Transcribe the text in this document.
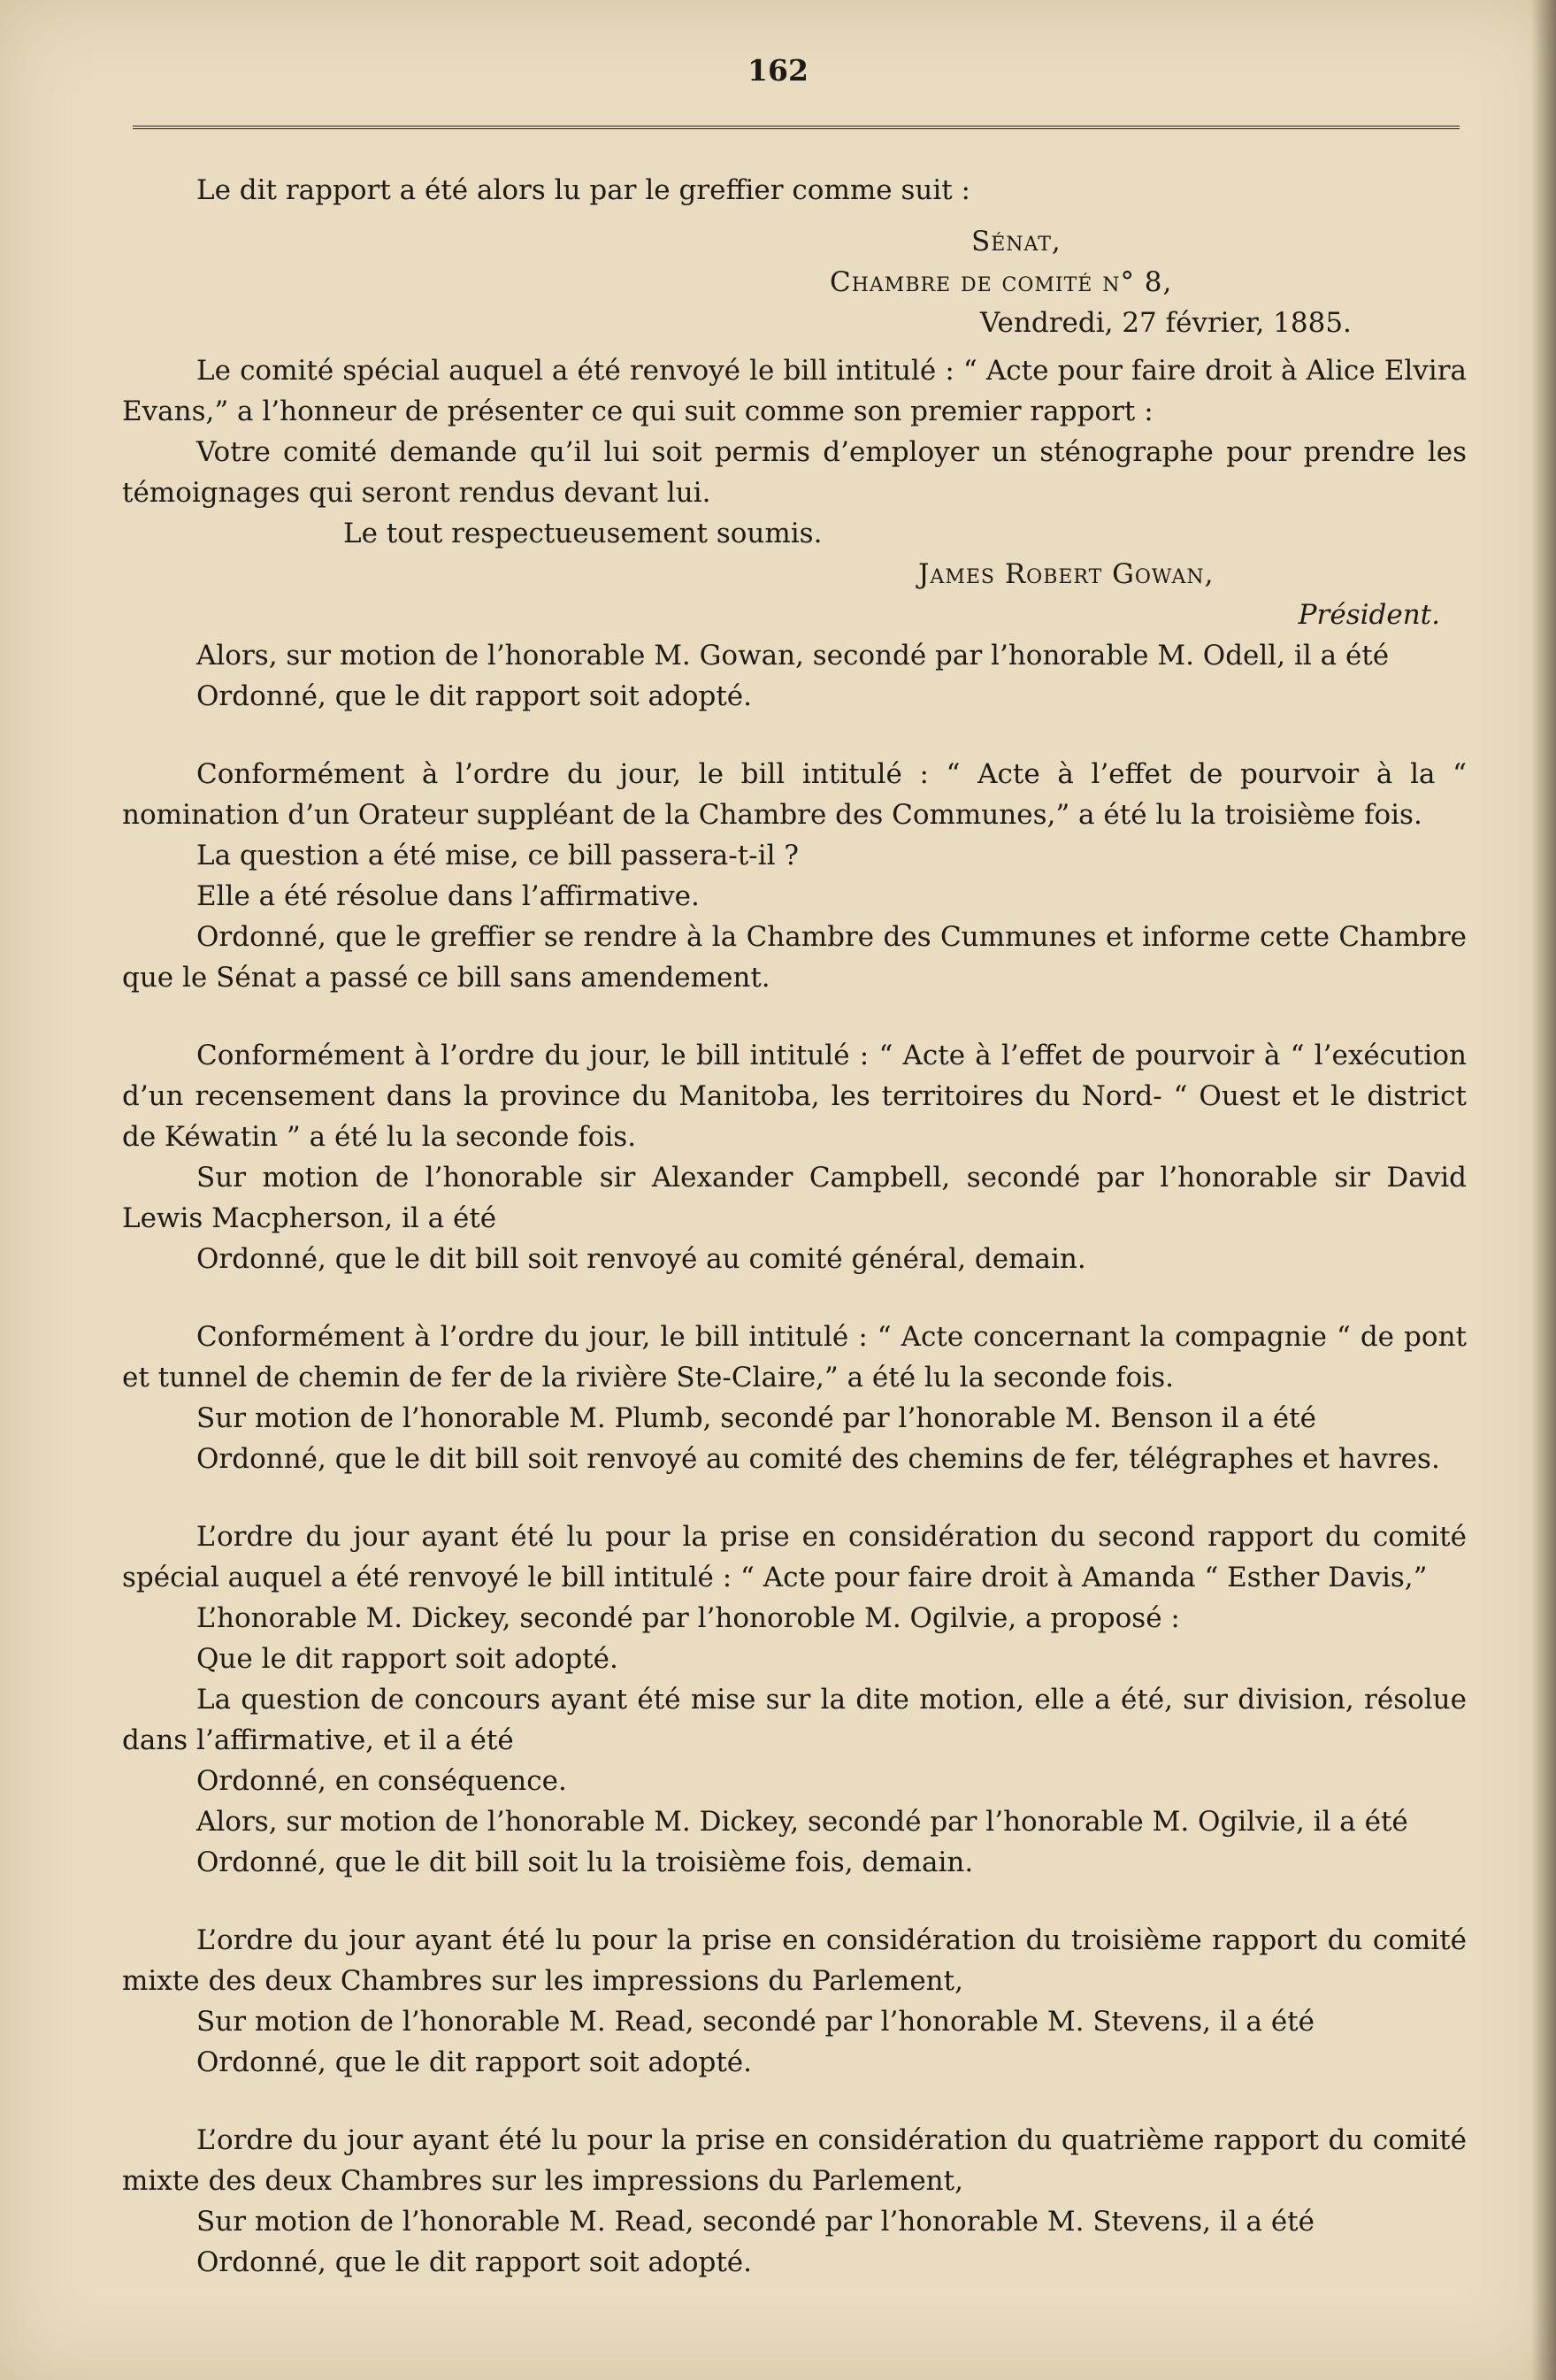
162

Le dit rapport a été alors lu par le greffier comme suit :

Sénat,

Chambre de comité n° 8,

Vendredi, 27 février, 1885.

Le comité spécial auquel a été renvoyé le bill intitulé : “ Acte pour faire droit à Alice Elvira Evans,” a l’honneur de présenter ce qui suit comme son premier rapport :

Votre comité demande qu’il lui soit permis d’employer un sténographe pour prendre les témoignages qui seront rendus devant lui.

Le tout respectueusement soumis.

James Robert Gowan,

Président.

Alors, sur motion de l’honorable M. Gowan, secondé par l’honorable M. Odell, il a été

Ordonné, que le dit rapport soit adopté.

Conformément à l’ordre du jour, le bill intitulé : “ Acte à l’effet de pourvoir à la “ nomination d’un Orateur suppléant de la Chambre des Communes,” a été lu la troisième fois.

La question a été mise, ce bill passera-t-il ?

Elle a été résolue dans l’affirmative.

Ordonné, que le greffier se rendre à la Chambre des Cummunes et informe cette Chambre que le Sénat a passé ce bill sans amendement.

Conformément à l’ordre du jour, le bill intitulé : “ Acte à l’effet de pourvoir à “ l’exécution d’un recensement dans la province du Manitoba, les territoires du Nord- “ Ouest et le district de Kéwatin ” a été lu la seconde fois.

Sur motion de l’honorable sir Alexander Campbell, secondé par l’honorable sir David Lewis Macpherson, il a été

Ordonné, que le dit bill soit renvoyé au comité général, demain.

Conformément à l’ordre du jour, le bill intitulé : “ Acte concernant la compagnie “ de pont et tunnel de chemin de fer de la rivière Ste-Claire,” a été lu la seconde fois.

Sur motion de l’honorable M. Plumb, secondé par l’honorable M. Benson il a été

Ordonné, que le dit bill soit renvoyé au comité des chemins de fer, télégraphes et havres.

L’ordre du jour ayant été lu pour la prise en considération du second rapport du comité spécial auquel a été renvoyé le bill intitulé : “ Acte pour faire droit à Amanda “ Esther Davis,”

L’honorable M. Dickey, secondé par l’honoroble M. Ogilvie, a proposé :

Que le dit rapport soit adopté.

La question de concours ayant été mise sur la dite motion, elle a été, sur division, résolue dans l’affirmative, et il a été

Ordonné, en conséquence.

Alors, sur motion de l’honorable M. Dickey, secondé par l’honorable M. Ogilvie, il a été

Ordonné, que le dit bill soit lu la troisième fois, demain.

L’ordre du jour ayant été lu pour la prise en considération du troisième rapport du comité mixte des deux Chambres sur les impressions du Parlement,

Sur motion de l’honorable M. Read, secondé par l’honorable M. Stevens, il a été

Ordonné, que le dit rapport soit adopté.

L’ordre du jour ayant été lu pour la prise en considération du quatrième rapport du comité mixte des deux Chambres sur les impressions du Parlement,

Sur motion de l’honorable M. Read, secondé par l’honorable M. Stevens, il a été

Ordonné, que le dit rapport soit adopté.
